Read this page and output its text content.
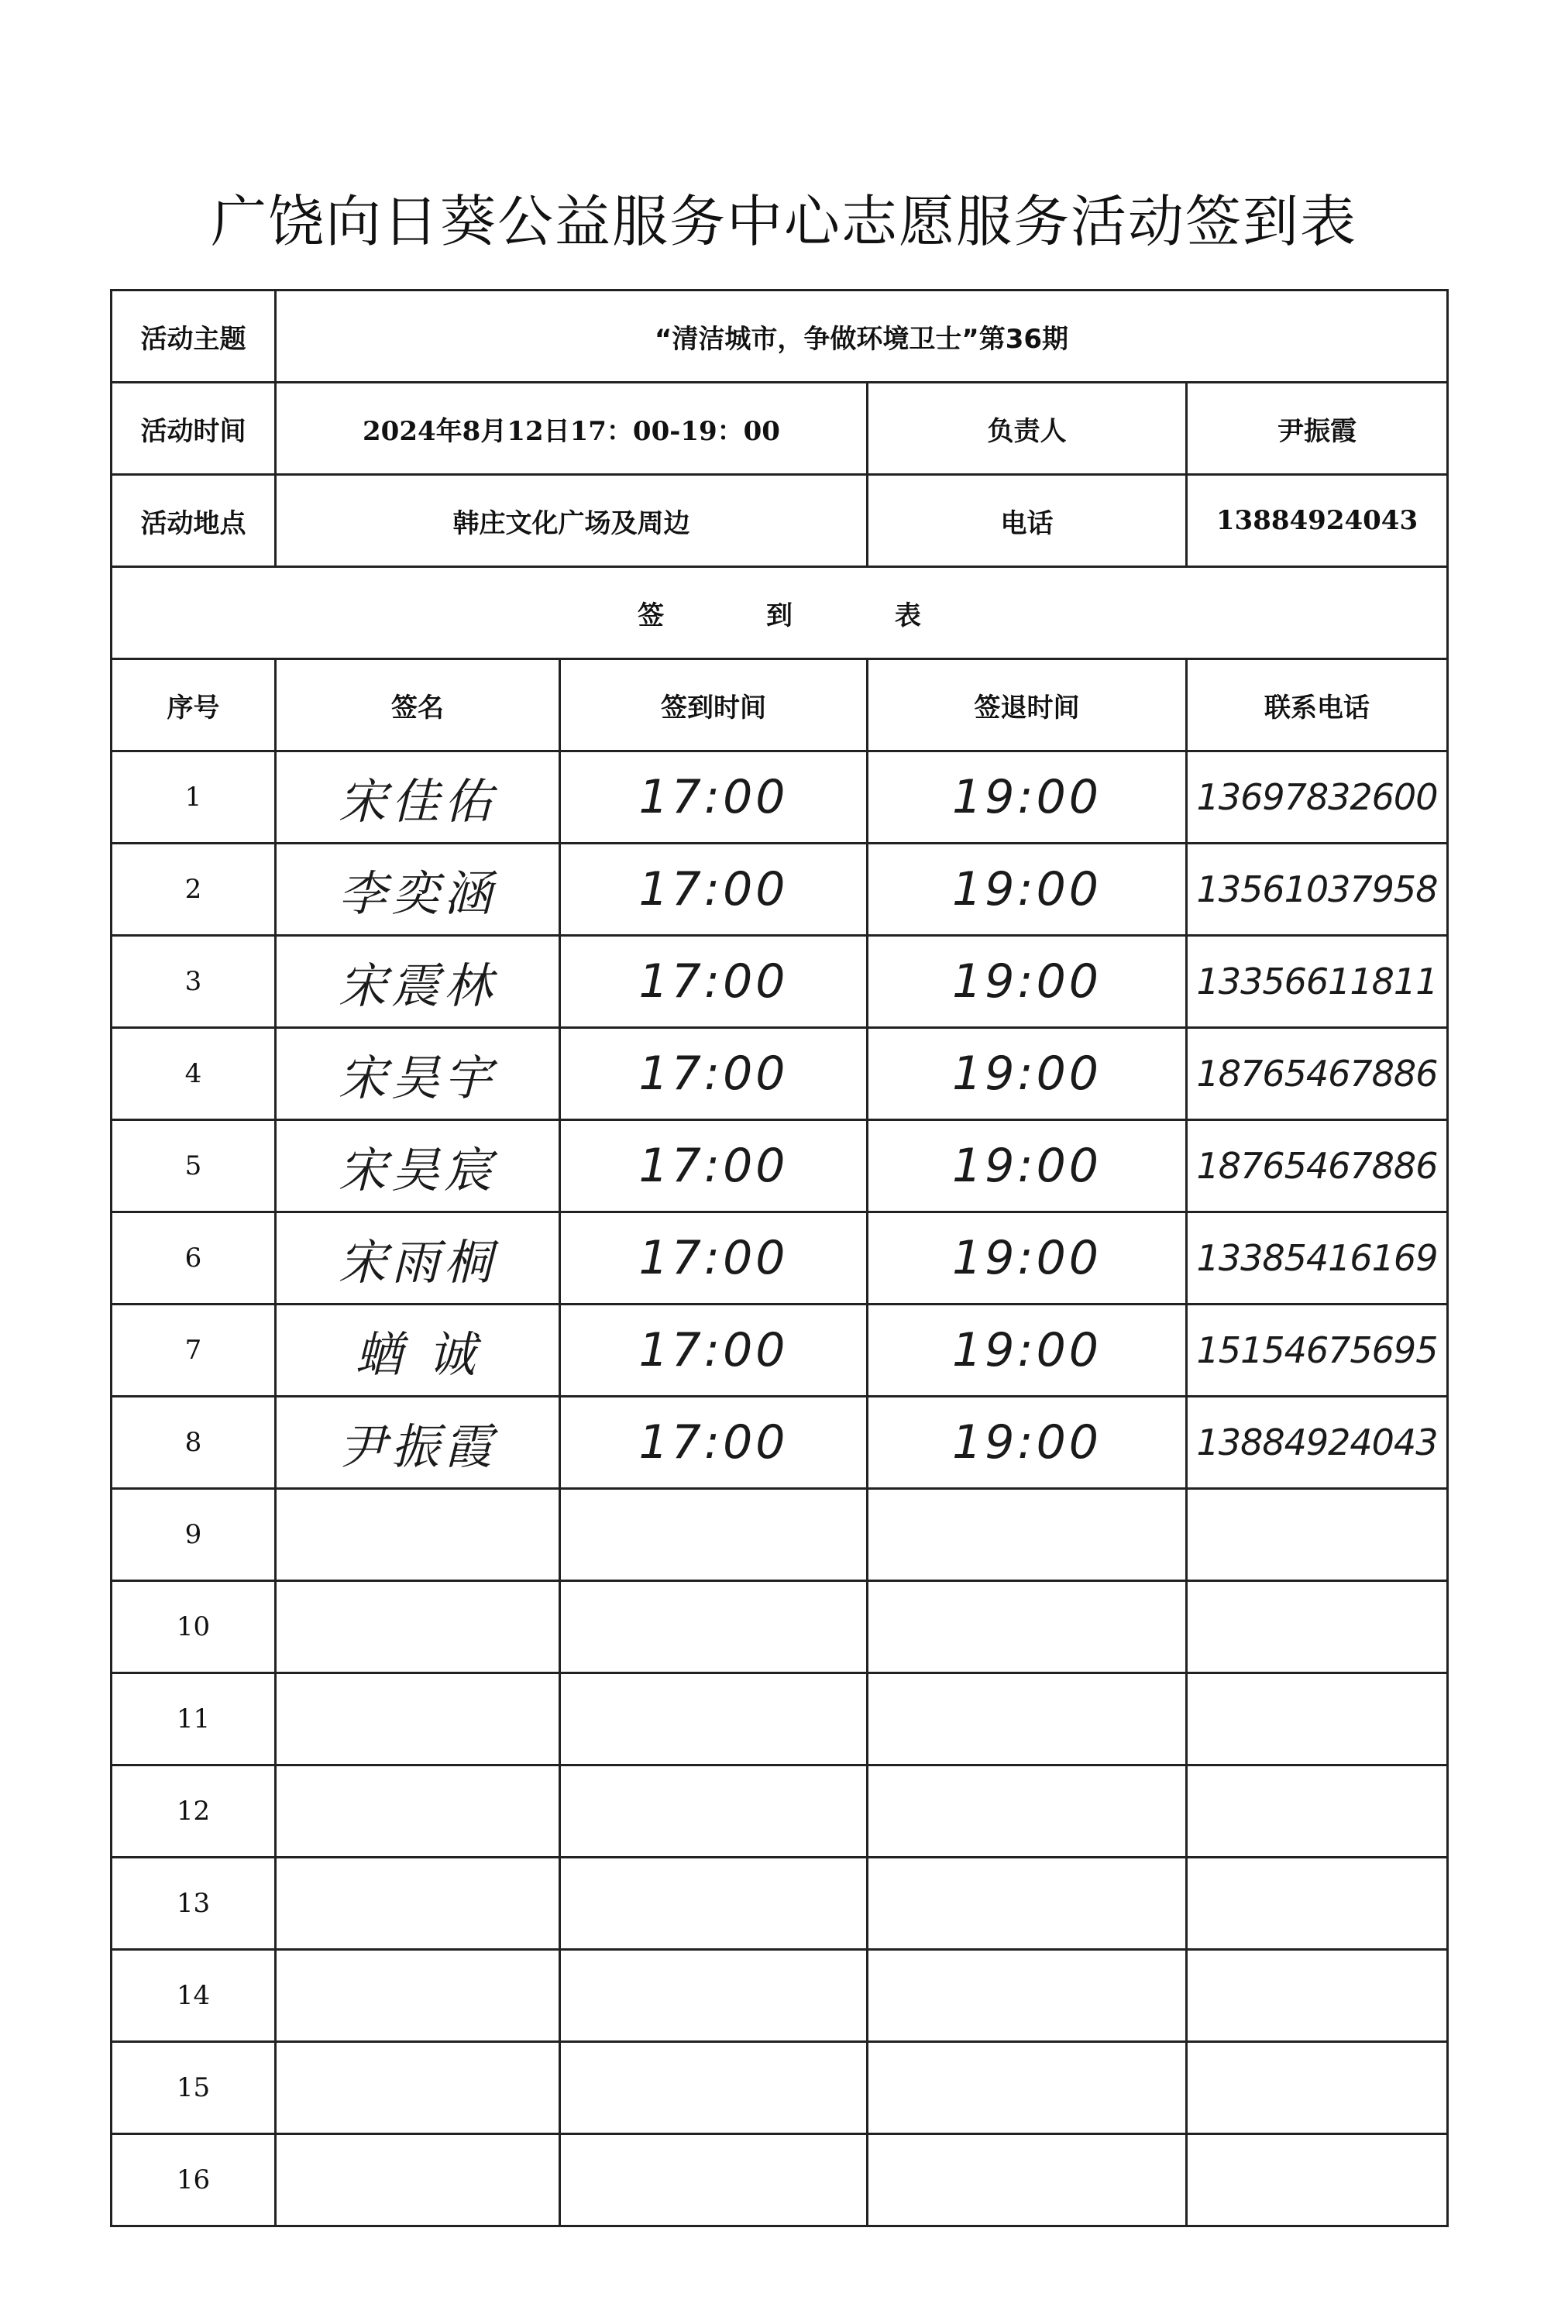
广饶向日葵公益服务中心志愿服务活动签到表
活动主题	“清洁城市，争做环境卫士”第36期			
活动时间	2024年8月12日17：00-19：00		负责人	尹振霞
活动地点	韩庄文化广场及周边		电话	13884924043
签 到 表				
序号	签名	签到时间	签退时间	联系电话
1	宋佳佑	17:00	19:00	13697832600
2	李奕涵	17:00	19:00	13561037958
3	宋震林	17:00	19:00	13356611811
4	宋昊宇	17:00	19:00	18765467886
5	宋昊宸	17:00	19:00	18765467886
6	宋雨桐	17:00	19:00	13385416169
7	蝤 诚	17:00	19:00	15154675695
8	尹振霞	17:00	19:00	13884924043
9				
10				
11				
12				
13				
14				
15				
16				
